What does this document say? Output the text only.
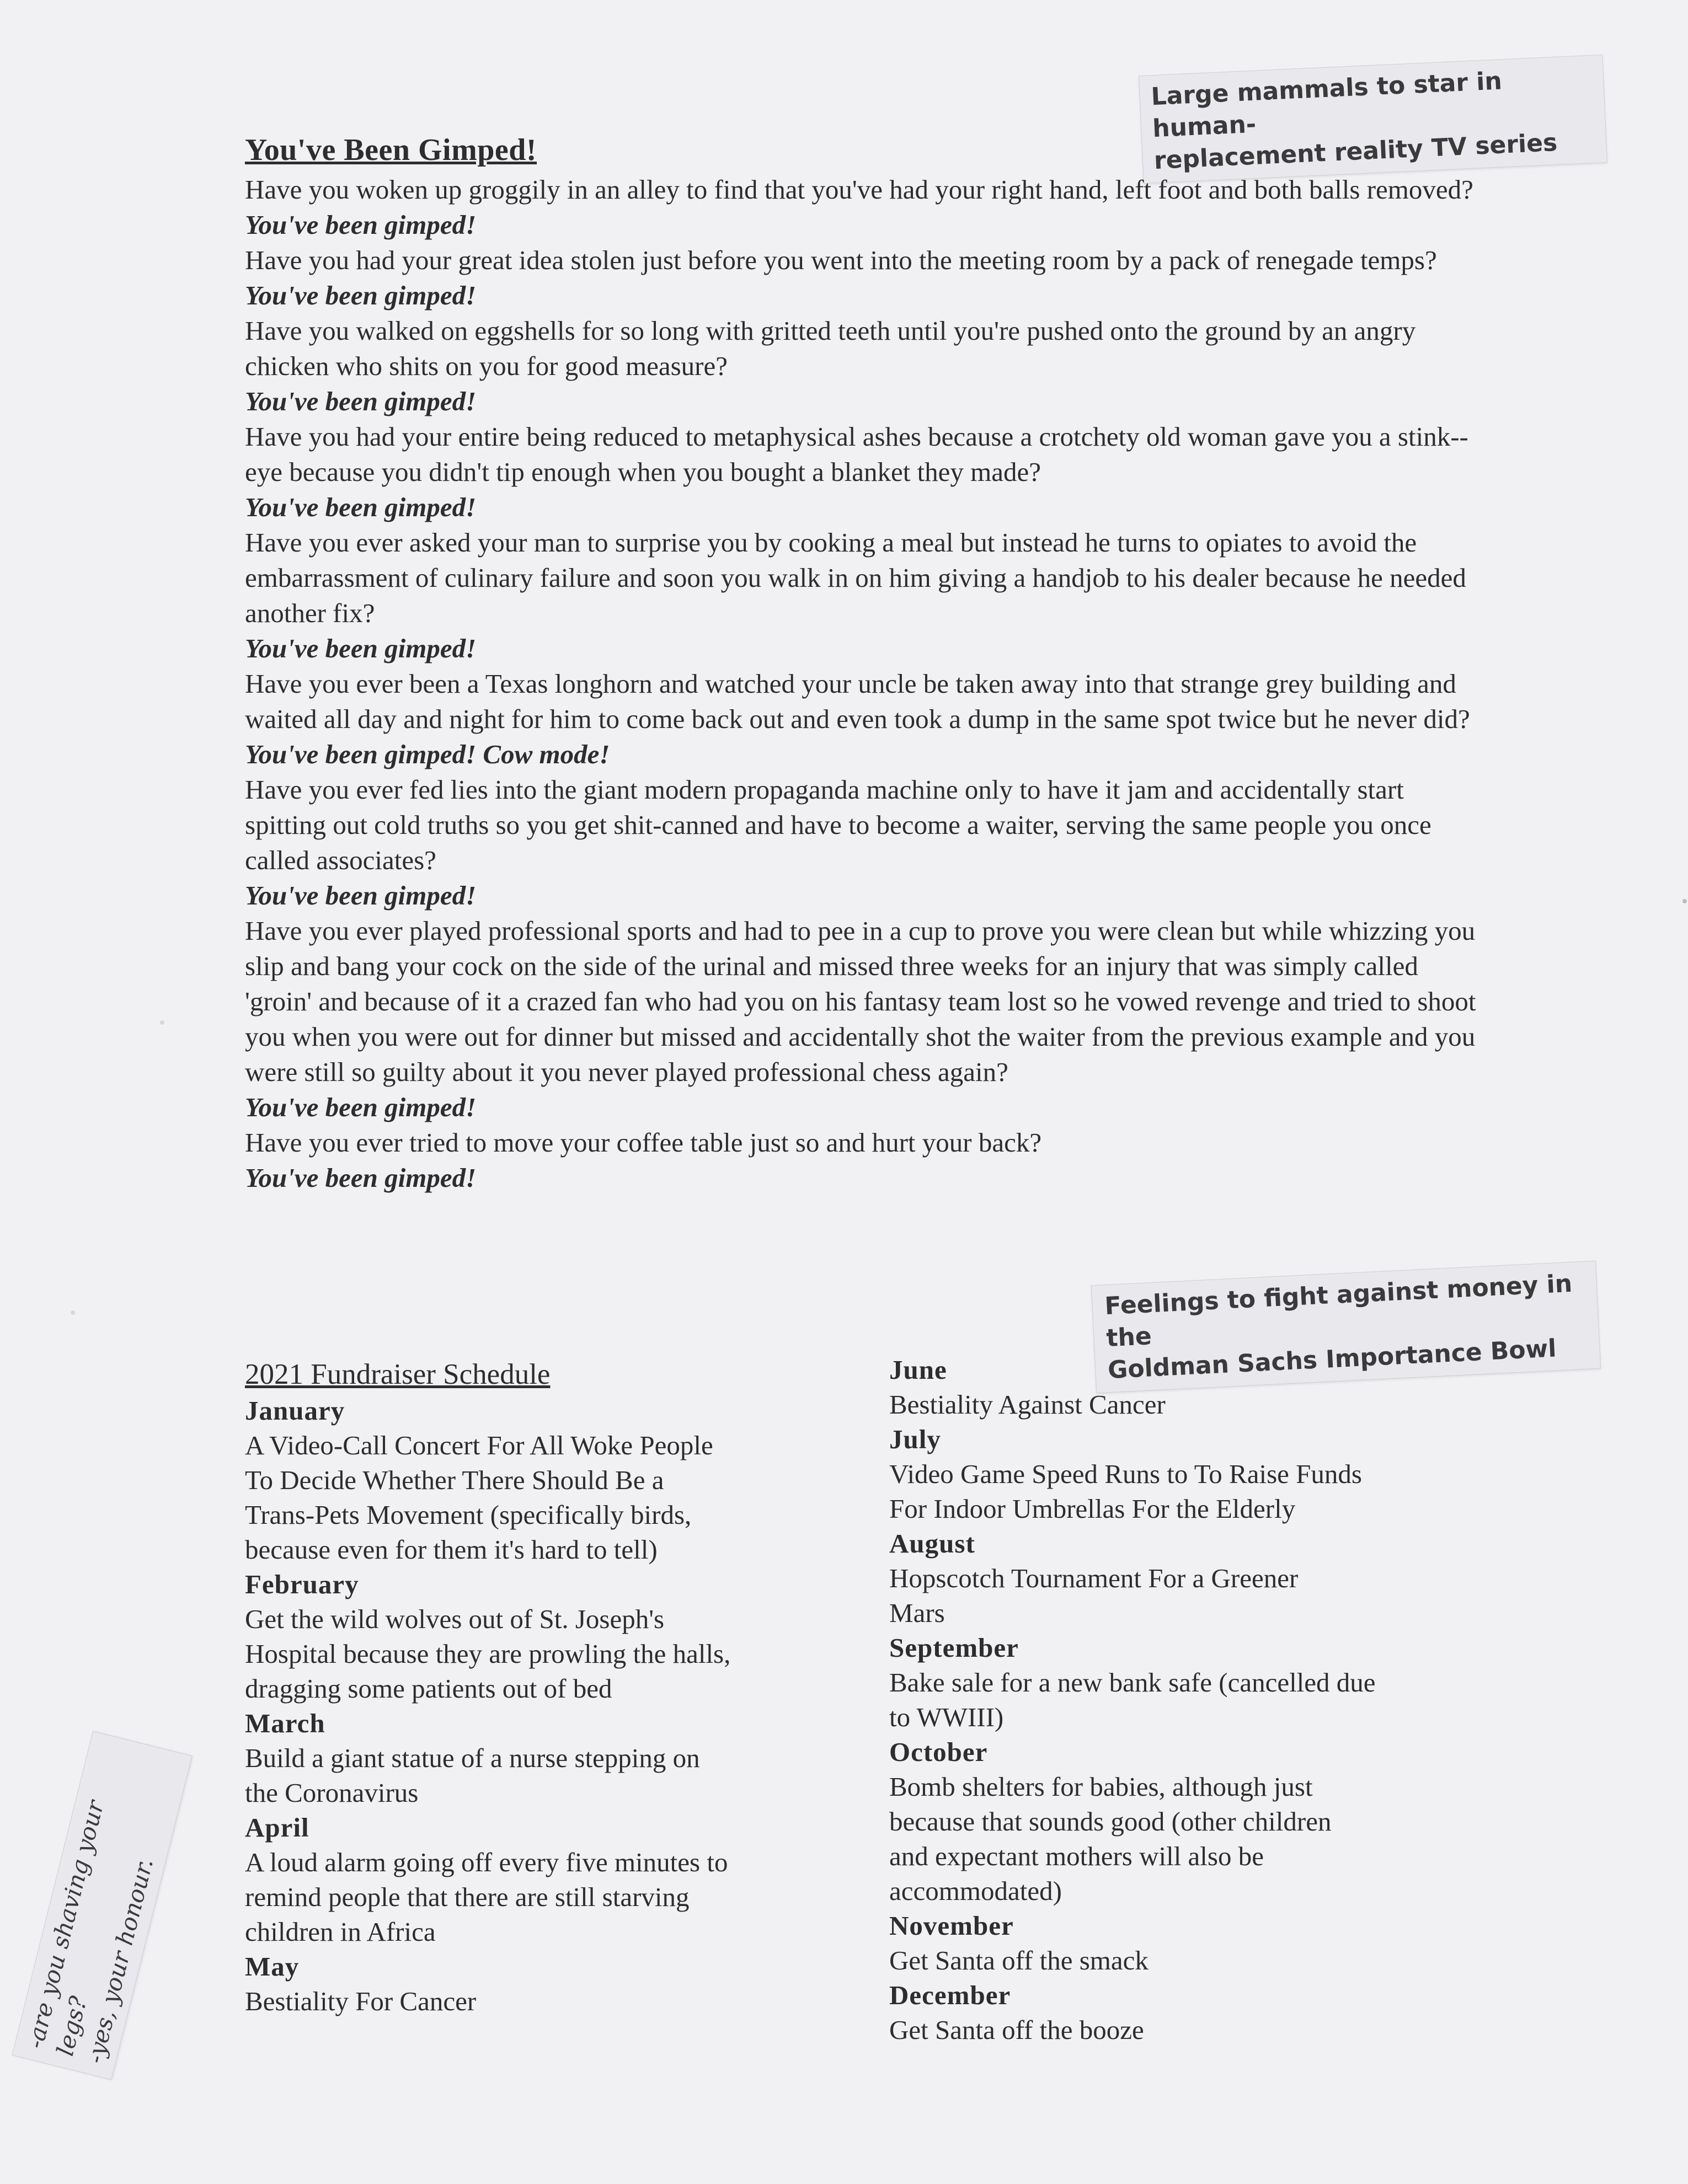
Large mammals to star in human-
replacement reality TV series
You've Been Gimped!

Have you woken up groggily in an alley to find that you've had your right hand, left foot and both balls removed?

You've been gimped!

Have you had your great idea stolen just before you went into the meeting room by a pack of renegade temps?

You've been gimped!

Have you walked on eggshells for so long with gritted teeth until you're pushed onto the ground by an angry chicken who shits on you for good measure?

You've been gimped!

Have you had your entire being reduced to metaphysical ashes because a crotchety old woman gave you a stink--eye because you didn't tip enough when you bought a blanket they made?

You've been gimped!

Have you ever asked your man to surprise you by cooking a meal but instead he turns to opiates to avoid the embarrassment of culinary failure and soon you walk in on him giving a handjob to his dealer because he needed another fix?

You've been gimped!

Have you ever been a Texas longhorn and watched your uncle be taken away into that strange grey building and waited all day and night for him to come back out and even took a dump in the same spot twice but he never did?

You've been gimped! Cow mode!

Have you ever fed lies into the giant modern propaganda machine only to have it jam and accidentally start spitting out cold truths so you get shit-canned and have to become a waiter, serving the same people you once called associates?

You've been gimped!

Have you ever played professional sports and had to pee in a cup to prove you were clean but while whizzing you slip and bang your cock on the side of the urinal and missed three weeks for an injury that was simply called 'groin' and because of it a crazed fan who had you on his fantasy team lost so he vowed revenge and tried to shoot you when you were out for dinner but missed and accidentally shot the waiter from the previous example and you were still so guilty about it you never played professional chess again?

You've been gimped!

Have you ever tried to move your coffee table just so and hurt your back?

You've been gimped!

Feelings to fight against money in the
Goldman Sachs Importance Bowl
2021 Fundraiser Schedule
January
A Video-Call Concert For All Woke People
To Decide Whether There Should Be a
Trans-Pets Movement (specifically birds,
because even for them it's hard to tell)
February
Get the wild wolves out of St. Joseph's
Hospital because they are prowling the halls,
dragging some patients out of bed
March
Build a giant statue of a nurse stepping on
the Coronavirus
April
A loud alarm going off every five minutes to
remind people that there are still starving
children in Africa
May
Bestiality For Cancer
June
Bestiality Against Cancer
July
Video Game Speed Runs to To Raise Funds
For Indoor Umbrellas For the Elderly
August
Hopscotch Tournament For a Greener
Mars
September
Bake sale for a new bank safe (cancelled due
to WWIII)
October
Bomb shelters for babies, although just
because that sounds good (other children
and expectant mothers will also be
accommodated)
November
Get Santa off the smack
December
Get Santa off the booze
-are you shaving your legs?
-yes, your honour.
